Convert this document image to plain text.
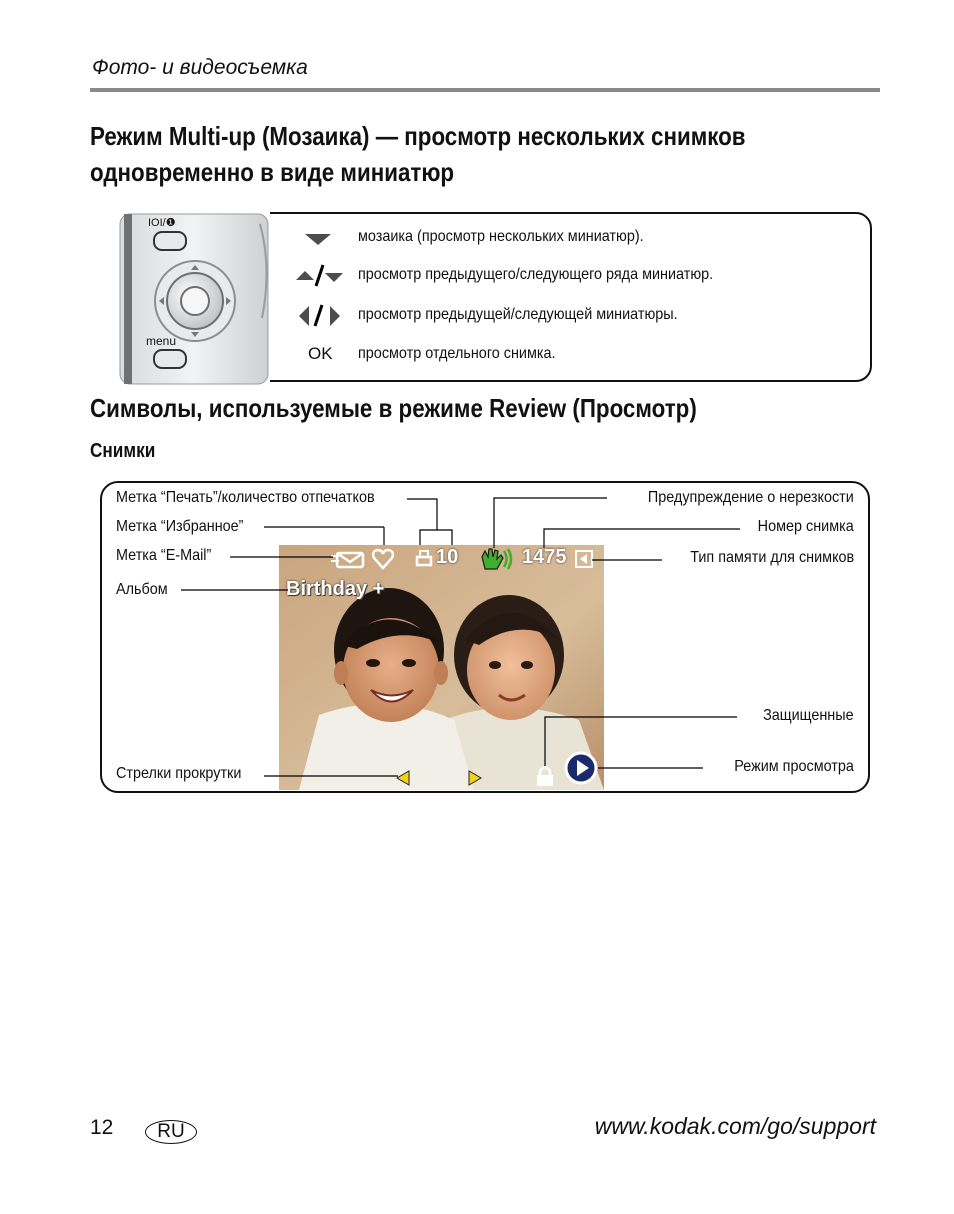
Фото- и видеосъемка
Режим Multi-up (Мозаика) — просмотр нескольких снимков
одновременно в виде миниатюр
IOI/❶
menu
мозаика (просмотр нескольких миниатюр).
просмотр предыдущего/следующего ряда миниатюр.
просмотр предыдущей/следующей миниатюры.
OK	просмотр отдельного снимка.
Символы, используемые в режиме Review (Просмотр)
Снимки
10	1475
Birthday +
Метка “Печать”/количество отпечатков
Метка “Избранное”
Метка “E-Mail”
Альбом
Стрелки прокрутки
Предупреждение о нерезкости
Номер снимка
Тип памяти для снимков
Защищенные
Режим просмотра
12	RU	www.kodak.com/go/support
